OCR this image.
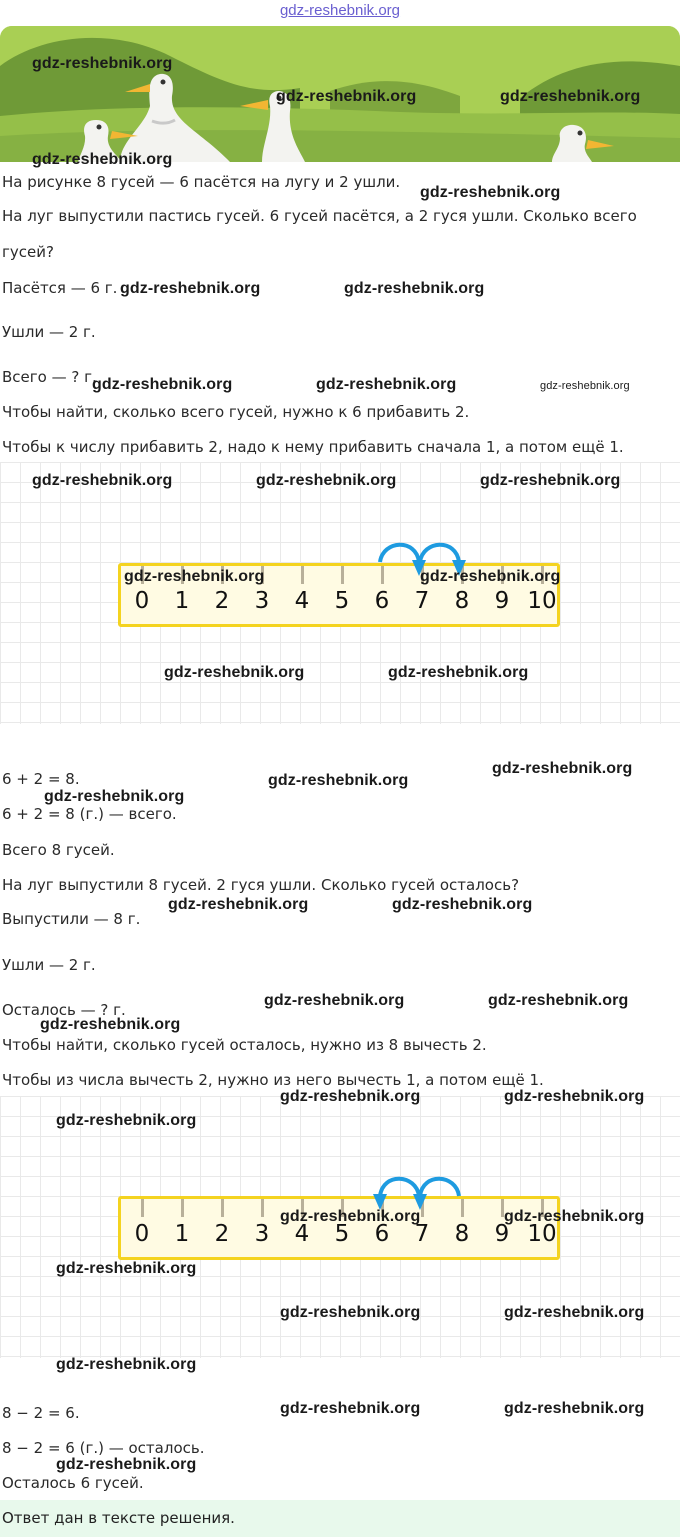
gdz-reshebnik.org
На рисунке 8 гусей — 6 пасётся на лугу и 2 ушли.
На луг выпустили пастись гусей. 6 гусей пасётся, а 2 гуся ушли. Сколько всего
гусей?
Пасётся — 6 г.
Ушли — 2 г.
Всего — ? г.
Чтобы найти, сколько всего гусей, нужно к 6 прибавить 2.
Чтобы к числу прибавить 2, надо к нему прибавить сначала 1, а потом ещё 1.
0	1	2	3	4	5	6	7	8	9 10
6 + 2 = 8.
6 + 2 = 8 (г.) — всего.
Всего 8 гусей.
На луг выпустили 8 гусей. 2 гуся ушли. Сколько гусей осталось?
Выпустили — 8 г.
Ушли — 2 г.
Осталось — ? г.
Чтобы найти, сколько гусей осталось, нужно из 8 вычесть 2.
Чтобы из числа вычесть 2, нужно из него вычесть 1, а потом ещё 1.
0	1	2	3	4	5	6	7	8	9 10
8 − 2 = 6.
8 − 2 = 6 (г.) — осталось.
Осталось 6 гусей.
Ответ дан в тексте решения.
gdz-reshebnik.org
gdz-reshebnik.org	gdz-reshebnik.org
gdz-reshebnik.org
gdz-reshebnik.org
gdz-reshebnik.org	gdz-reshebnik.org
gdz-reshebnik.org	gdz-reshebnik.org	gdz-reshebnik.org
gdz-reshebnik.org	gdz-reshebnik.org	gdz-reshebnik.org
gdz-reshebnik.org	gdz-reshebnik.org
gdz-reshebnik.org	gdz-reshebnik.org
gdz-reshebnik.org
gdz-reshebnik.org
gdz-reshebnik.org
gdz-reshebnik.org	gdz-reshebnik.org
gdz-reshebnik.org	gdz-reshebnik.org
gdz-reshebnik.org
gdz-reshebnik.org	gdz-reshebnik.org
gdz-reshebnik.org
gdz-reshebnik.org	gdz-reshebnik.org
gdz-reshebnik.org
gdz-reshebnik.org	gdz-reshebnik.org
gdz-reshebnik.org
gdz-reshebnik.org	gdz-reshebnik.org
gdz-reshebnik.org
